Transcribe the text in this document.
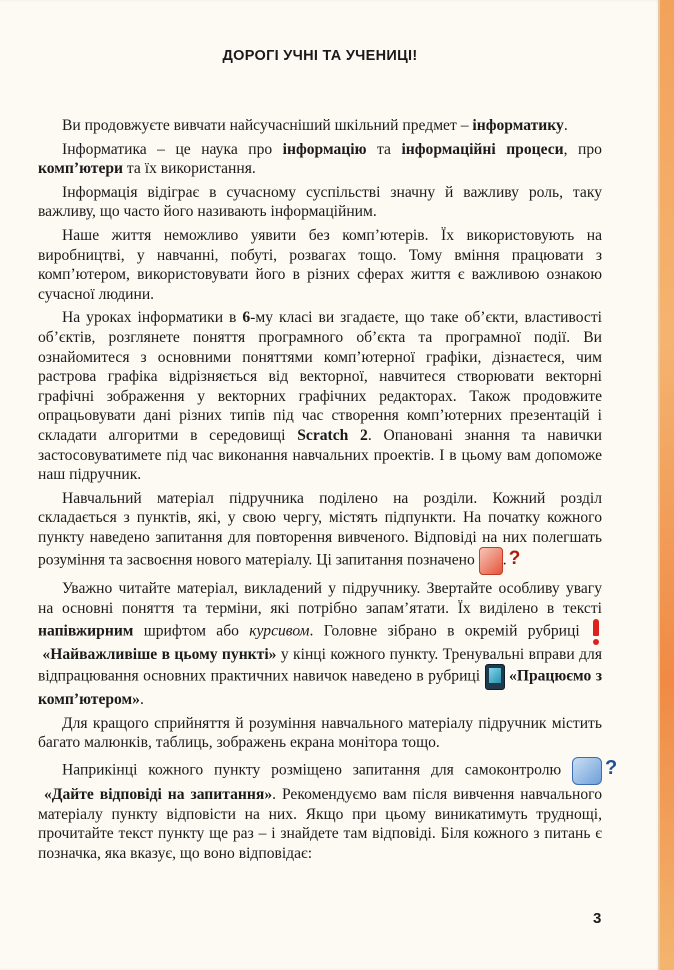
ДОРОГІ УЧНІ ТА УЧЕНИЦІ!

Ви продовжуєте вивчати найсучасніший шкільний предмет – інформатику.

Інформатика – це наука про інформацію та інформаційні процеси, про комп’ютери та їх використання.

Інформація відіграє в сучасному суспільстві значну й важливу роль, таку важливу, що часто його називають інформаційним.

Наше життя неможливо уявити без комп’ютерів. Їх використовують на виробництві, у навчанні, побуті, розвагах тощо. Тому вміння працювати з комп’ютером, використовувати його в різних сферах життя є важливою ознакою сучасної людини.

На уроках інформатики в 6-му класі ви згадаєте, що таке об’єкти, властивості об’єктів, розглянете поняття програмного об’єкта та програмної події. Ви ознайомитеся з основними поняттями комп’ютерної графіки, дізнаєтеся, чим растрова графіка відрізняється від векторної, навчитеся створювати векторні графічні зображення у векторних графічних редакторах. Також продовжите опрацьовувати дані різних типів під час створення комп’ютерних презентацій і складати алгоритми в середовищі Scratch 2. Опановані знання та навички застосовуватимете під час виконання навчальних проектів. І в цьому вам допоможе наш підручник.

Навчальний матеріал підручника поділено на розділи. Кожний розділ складається з пунктів, які, у свою чергу, містять підпункти. На початку кожного пункту наведено запитання для повторення вивченого. Відповіді на них полегшать розуміння та засвоєння нового матеріалу. Ці запитання позначено ?

Уважно читайте матеріал, викладений у підручнику. Звертайте особливу увагу на основні поняття та терміни, які потрібно запам’ятати. Їх виділено в тексті напівжирним шрифтом або курсивом. Головне зібрано в окремій рубриці  «Найважливіше в цьому пункті» у кінці кожного пункту. Тренувальні вправи для відпрацювання основних практичних навичок наведено в рубриці  «Працюємо з комп’ютером».

Для кращого сприйняття й розуміння навчального матеріалу підручник містить багато малюнків, таблиць, зображень екрана монітора тощо.

Наприкінці кожного пункту розміщено запитання для самоконтролю ? «Дайте відповіді на запитання». Рекомендуємо вам після вивчення навчального матеріалу пункту відповісти на них. Якщо при цьому виникатимуть труднощі, прочитайте текст пункту ще раз – і знайдете там відповіді. Біля кожного з питань є позначка, яка вказує, що воно відповідає:

3
